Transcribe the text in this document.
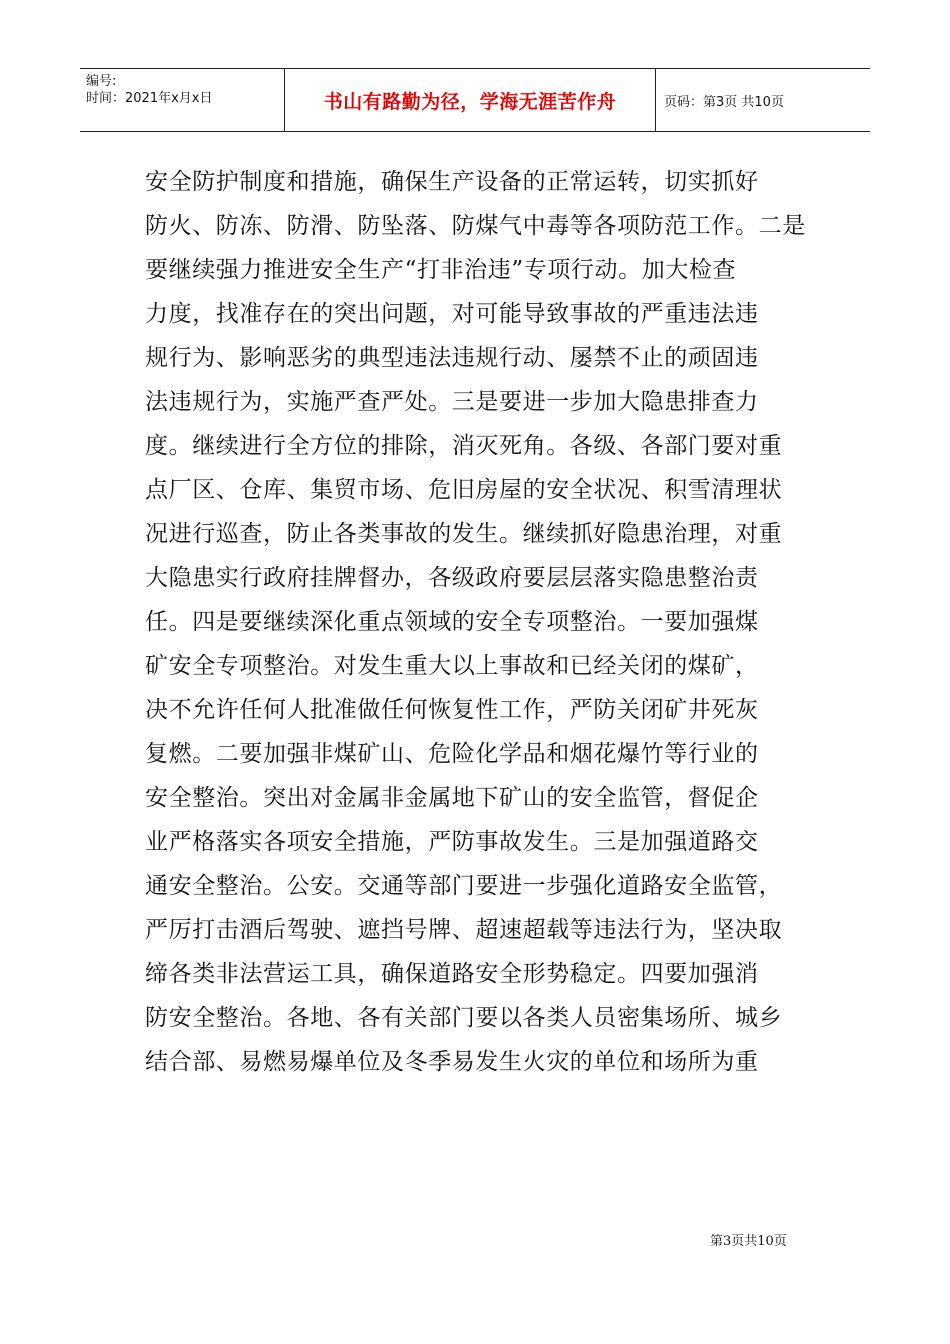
编号:
时间：2021年x月x日	书山有路勤为径，学海无涯苦作舟	页码：第3页 共10页
安全防护制度和措施，确保生产设备的正常运转，切实抓好
防火、防冻、防滑、防坠落、防煤气中毒等各项防范工作。二是
要继续强力推进安全生产“打非治违”专项行动。加大检查
力度，找准存在的突出问题，对可能导致事故的严重违法违
规行为、影响恶劣的典型违法违规行动、屡禁不止的顽固违
法违规行为，实施严查严处。三是要进一步加大隐患排查力
度。继续进行全方位的排除，消灭死角。各级、各部门要对重
点厂区、仓库、集贸市场、危旧房屋的安全状况、积雪清理状
况进行巡查，防止各类事故的发生。继续抓好隐患治理，对重
大隐患实行政府挂牌督办，各级政府要层层落实隐患整治责
任。四是要继续深化重点领域的安全专项整治。一要加强煤
矿安全专项整治。对发生重大以上事故和已经关闭的煤矿，
决不允许任何人批准做任何恢复性工作，严防关闭矿井死灰
复燃。二要加强非煤矿山、危险化学品和烟花爆竹等行业的
安全整治。突出对金属非金属地下矿山的安全监管，督促企
业严格落实各项安全措施，严防事故发生。三是加强道路交
通安全整治。公安。交通等部门要进一步强化道路安全监管，
严厉打击酒后驾驶、遮挡号牌、超速超载等违法行为，坚决取
缔各类非法营运工具，确保道路安全形势稳定。四要加强消
防安全整治。各地、各有关部门要以各类人员密集场所、城乡
结合部、易燃易爆单位及冬季易发生火灾的单位和场所为重
第3页共10页
